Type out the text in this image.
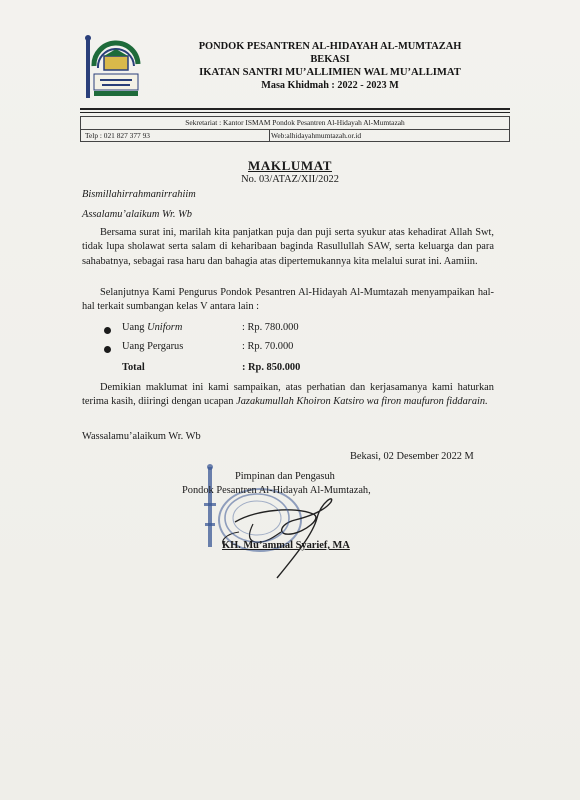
PONDOK PESANTREN AL-HIDAYAH AL-MUMTAZAH
BEKASI
IKATAN SANTRI MU’ALLIMIEN WAL MU’ALLIMAT
Masa Khidmah : 2022 - 2023 M
Sekretariat : Kantor ISMAM Pondok Pesantren Al-Hidayah Al-Mumtazah
Telp : 021 827 377 93	Web:alhidayahmumtazah.or.id
MAKLUMAT
No. 03/ATAZ/XII/2022
Bismillahirrahmanirrahiim
Assalamu’alaikum Wr. Wb
Bersama surat ini, marilah kita panjatkan puja dan puji serta syukur atas kehadirat Allah Swt, tidak lupa sholawat serta salam di keharibaan baginda Rasullullah SAW, serta keluarga dan para sahabatnya, sebagai rasa haru dan bahagia atas dipertemukannya kita melalui surat ini. Aamiin.
Selanjutnya Kami Pengurus Pondok Pesantren Al-Hidayah Al-Mumtazah menyampaikan hal- hal terkait sumbangan kelas V antara lain :
Uang Uniform	: Rp. 780.000
Uang Pergarus	: Rp. 70.000
Total	: Rp. 850.000
Demikian maklumat ini kami sampaikan, atas perhatian dan kerjasamanya kami haturkan terima kasih, diiringi dengan ucapan Jazakumullah Khoiron Katsiro wa firon maufuron fiddarain.
Wassalamu’alaikum Wr. Wb
Bekasi, 02 Desember 2022 M
Pimpinan dan Pengasuh
Pondok Pesantren Al-Hidayah Al-Mumtazah,
KH. Mu’ammal Syarief, MA
